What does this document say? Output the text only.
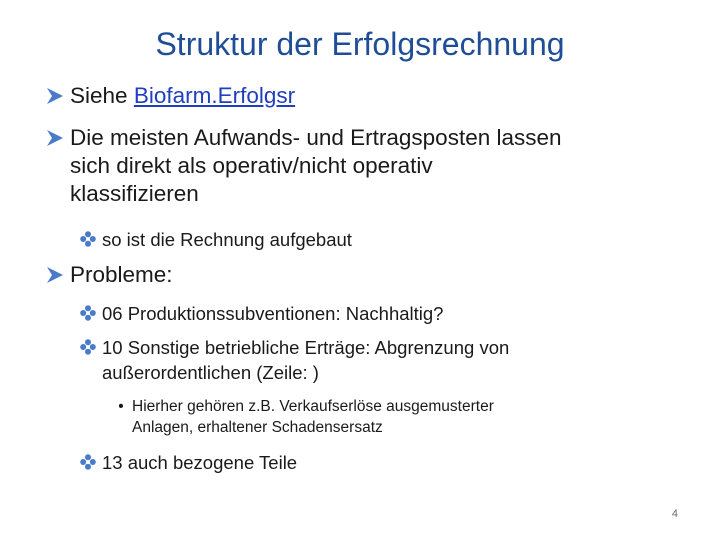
Struktur der Erfolgsrechnung
Siehe Biofarm.Erfolgsr
Die meisten Aufwands- und Ertragsposten lassen
sich direkt als operativ/nicht operativ
klassifizieren
so ist die Rechnung aufgebaut
Probleme:
06 Produktionssubventionen: Nachhaltig?
10 Sonstige betriebliche Erträge: Abgrenzung von
außerordentlichen (Zeile: )
• Hierher gehören z.B. Verkaufserlöse ausgemusterter
Anlagen, erhaltener Schadensersatz
13 auch bezogene Teile
4
